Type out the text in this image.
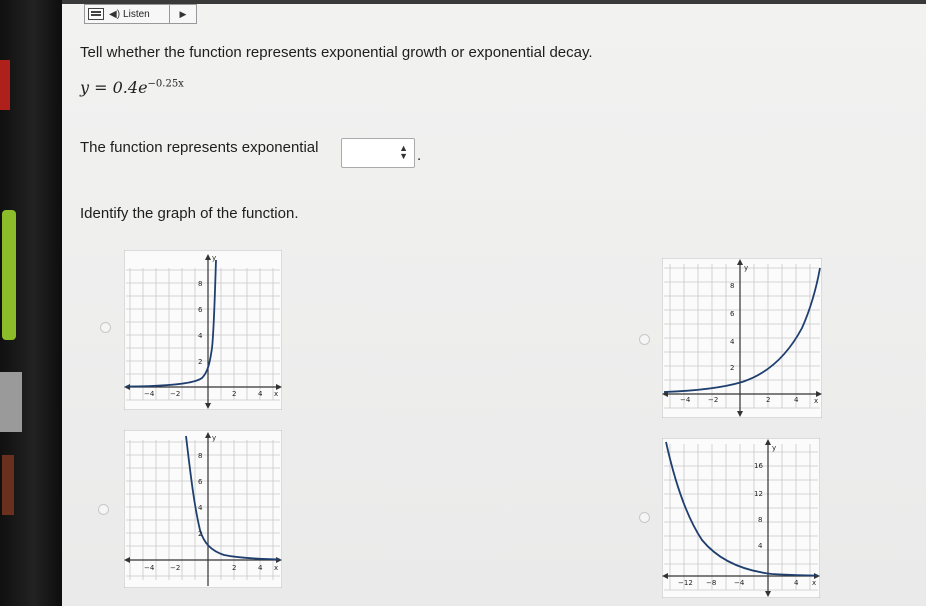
◀) Listen	▶
Tell whether the function represents exponential growth or exponential decay.
$y = 0.4e^{-0.25x}$
The function represents exponential	▲
▼ .
Identify the graph of the function.
y
x
8
6
4
2
−4 −2	2	4
y
x
8
6
4
2
−4 −2	2	4
y
x
8
6
4
2
−4	−2	2	4
y
x
16
12
8
4
−12 −8	−4	4
